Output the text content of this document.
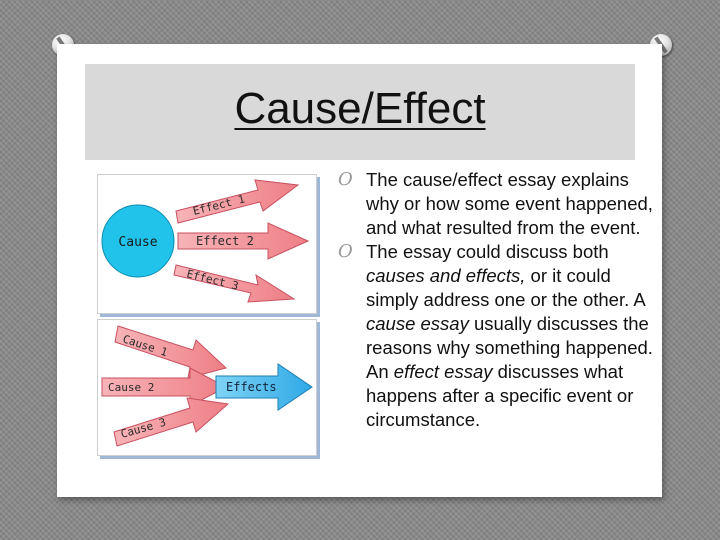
Cause/Effect
Cause
Effect 1
Effect 2
Effect 3
Cause 1
Cause 2
Cause 3
Effects
O The cause/effect essay explains why or how some event happened, and what resulted from the event.
O The essay could discuss both causes and effects, or it could simply address one or the other. A cause essay usually discusses the reasons why something happened. An effect essay discusses what happens after a specific event or circumstance.
